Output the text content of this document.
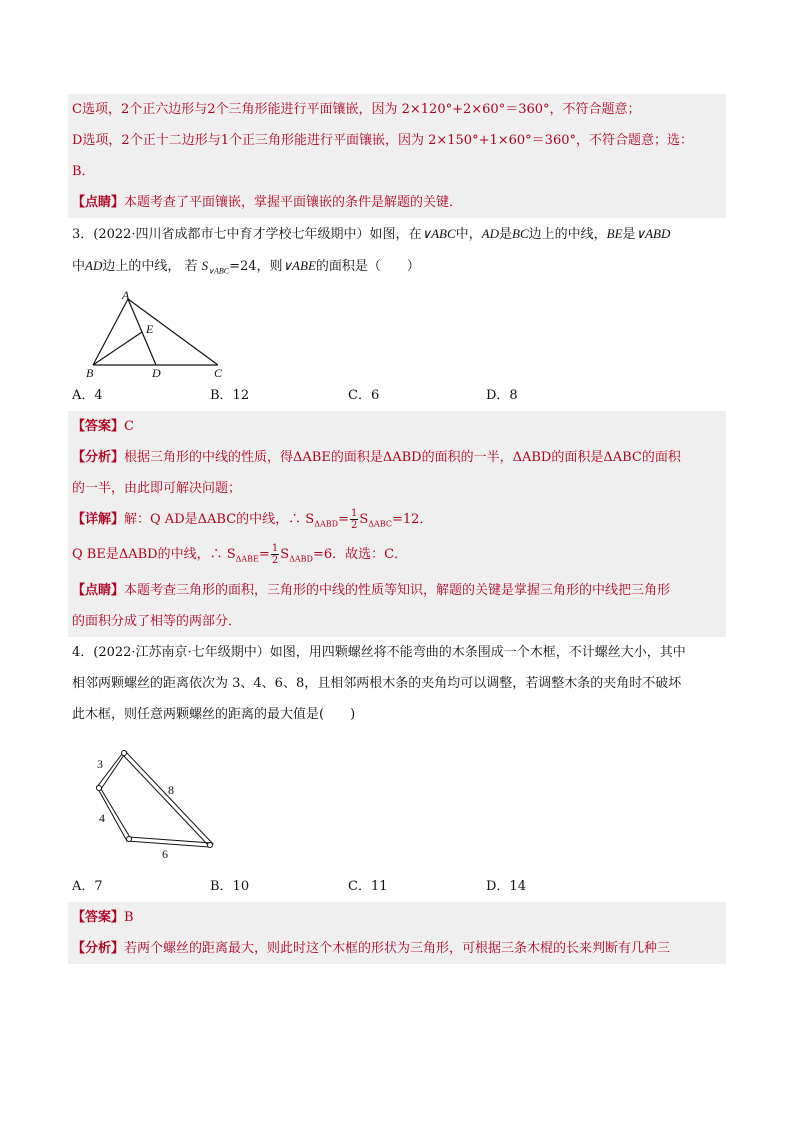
C选项，2个正六边形与2个三角形能进行平面镶嵌，因为 2×120°+2×60°＝360°，不符合题意；
D选项，2个正十二边形与1个正三角形能进行平面镶嵌，因为 2×150°+1×60°＝360°，不符合题意；选：
B．
【点睛】本题考查了平面镶嵌，掌握平面镶嵌的条件是解题的关键．
3．(2022·四川省成都市七中育才学校七年级期中）如图，在∨ABC中，AD是BC边上的中线，BE是∨ABD
中AD边上的中线， 若 $S_{\vee ABC}=24$，则∨ABE的面积是（　　）
A
E
B	D	C
A．4	B．12	C．6	D．8
【答案】C
【分析】根据三角形的中线的性质，得ΔABE的面积是ΔABD的面积的一半，ΔABD的面积是ΔABC的面积
的一半，由此即可解决问题；
【详解】解：Q AD是ΔABC的中线，∴ $S_{\Delta ABD}= \frac{1}{2} S_{\Delta ABC}=12$．
Q BE是ΔABD的中线，∴ $S_{\Delta ABE}= \frac{1}{2} S_{\Delta ABD}=6$．故选：C．
【点睛】本题考查三角形的面积，三角形的中线的性质等知识，解题的关键是掌握三角形的中线把三角形
的面积分成了相等的两部分．
4．(2022·江苏南京·七年级期中）如图，用四颗螺丝将不能弯曲的木条围成一个木框，不计螺丝大小，其中
相邻两颗螺丝的距离依次为 3、4、6、8，且相邻两根木条的夹角均可以调整，若调整木条的夹角时不破坏
此木框，则任意两颗螺丝的距离的最大值是(　　)
3
8
4
6
A．7	B．10	C．11	D．14
【答案】B
【分析】若两个螺丝的距离最大，则此时这个木框的形状为三角形，可根据三条木棍的长来判断有几种三
